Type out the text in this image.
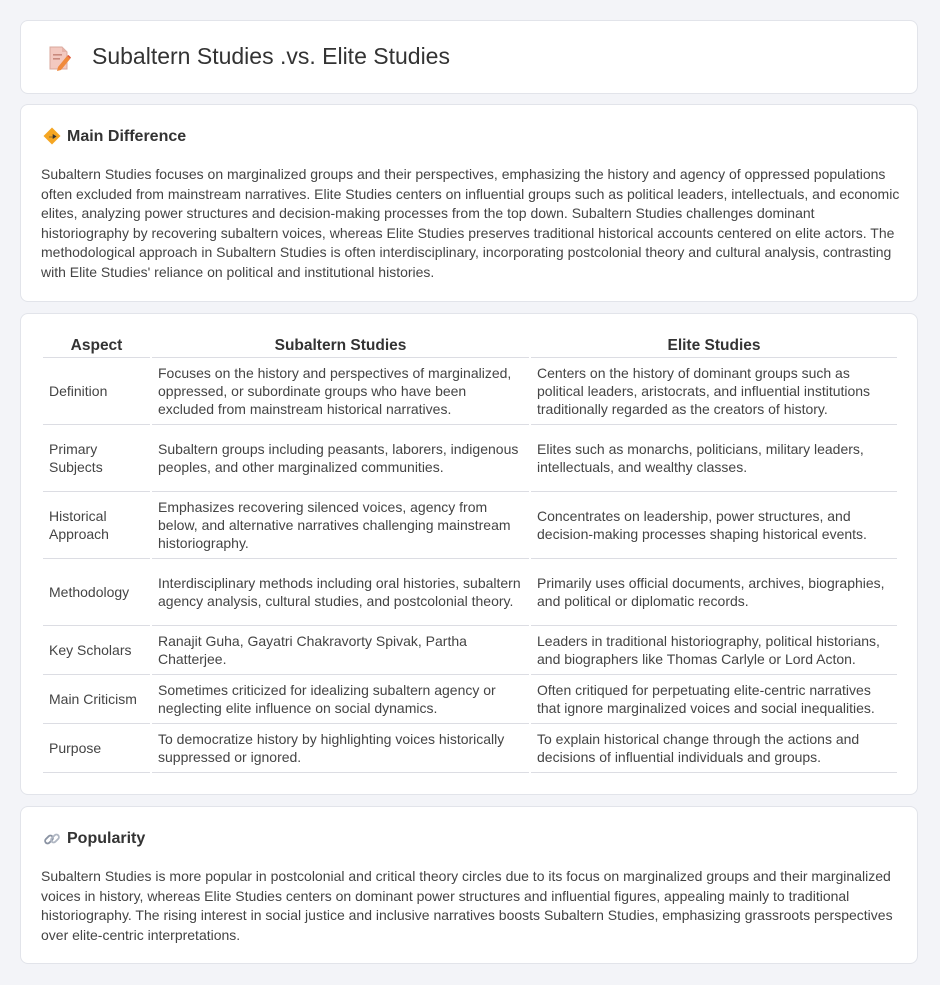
Subaltern Studies .vs. Elite Studies
Main Difference

Subaltern Studies focuses on marginalized groups and their perspectives, emphasizing the history and agency of oppressed populations often excluded from mainstream narratives. Elite Studies centers on influential groups such as political leaders, intellectuals, and economic elites, analyzing power structures and decision-making processes from the top down. Subaltern Studies challenges dominant historiography by recovering subaltern voices, whereas Elite Studies preserves traditional historical accounts centered on elite actors. The methodological approach in Subaltern Studies is often interdisciplinary, incorporating postcolonial theory and cultural analysis, contrasting with Elite Studies' reliance on political and institutional histories.

Aspect	Subaltern Studies	Elite Studies
Definition	Focuses on the history and perspectives of marginalized, oppressed, or subordinate groups who have been excluded from mainstream historical narratives.	Centers on the history of dominant groups such as political leaders, aristocrats, and influential institutions traditionally regarded as the creators of history.
Primary Subjects	Subaltern groups including peasants, laborers, indigenous peoples, and other marginalized communities.	Elites such as monarchs, politicians, military leaders, intellectuals, and wealthy classes.
Historical Approach	Emphasizes recovering silenced voices, agency from below, and alternative narratives challenging mainstream historiography.	Concentrates on leadership, power structures, and decision-making processes shaping historical events.
Methodology	Interdisciplinary methods including oral histories, subaltern agency analysis, cultural studies, and postcolonial theory.	Primarily uses official documents, archives, biographies, and political or diplomatic records.
Key Scholars	Ranajit Guha, Gayatri Chakravorty Spivak, Partha Chatterjee.	Leaders in traditional historiography, political historians, and biographers like Thomas Carlyle or Lord Acton.
Main Criticism	Sometimes criticized for idealizing subaltern agency or neglecting elite influence on social dynamics.	Often critiqued for perpetuating elite-centric narratives that ignore marginalized voices and social inequalities.
Purpose	To democratize history by highlighting voices historically suppressed or ignored.	To explain historical change through the actions and decisions of influential individuals and groups.
Popularity

Subaltern Studies is more popular in postcolonial and critical theory circles due to its focus on marginalized groups and their marginalized voices in history, whereas Elite Studies centers on dominant power structures and influential figures, appealing mainly to traditional historiography. The rising interest in social justice and inclusive narratives boosts Subaltern Studies, emphasizing grassroots perspectives over elite-centric interpretations.
